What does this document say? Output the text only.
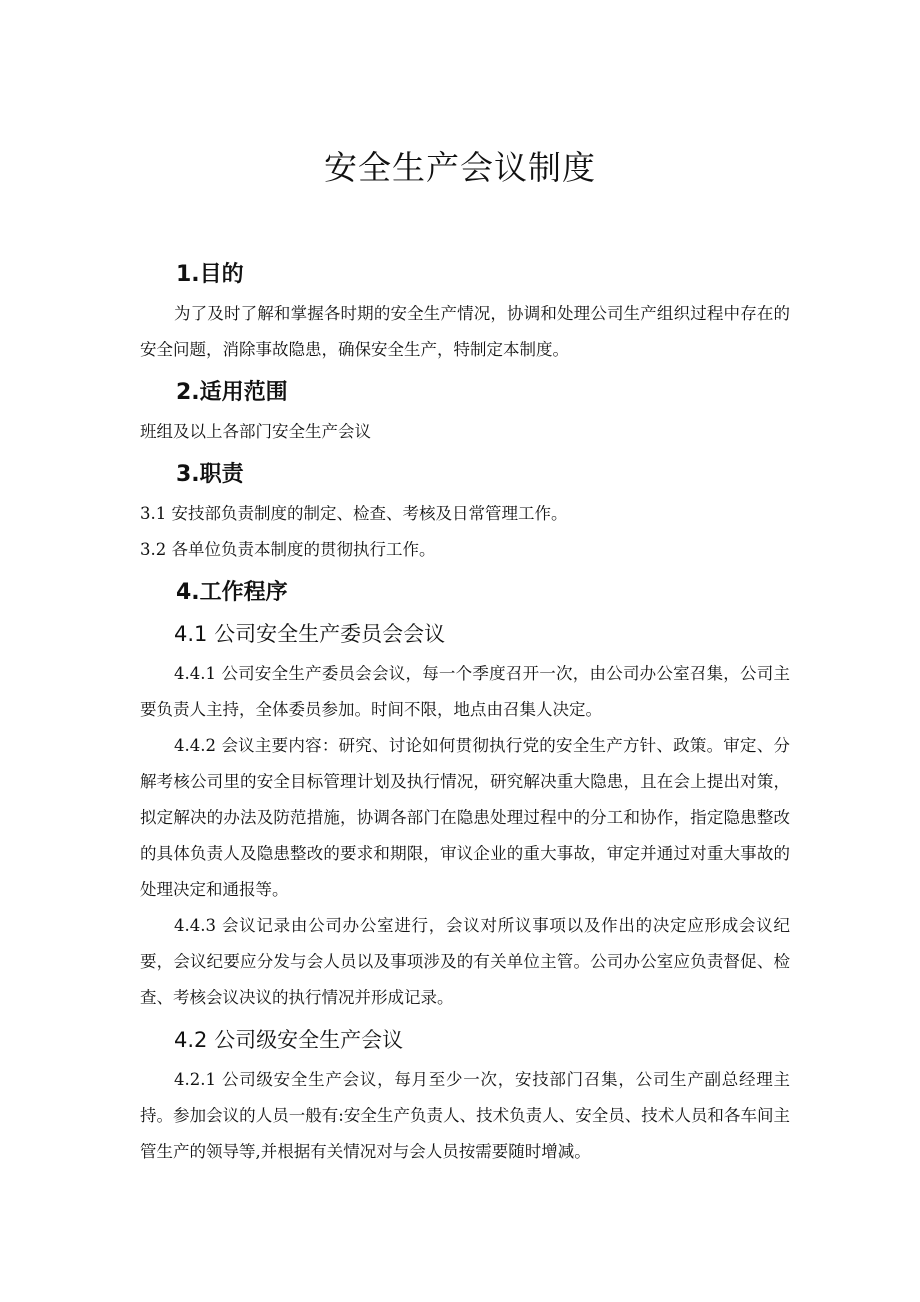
安全生产会议制度
1.目的

为了及时了解和掌握各时期的安全生产情况，协调和处理公司生产组织过程中存在的安全问题，消除事故隐患，确保安全生产，特制定本制度。

2.适用范围

班组及以上各部门安全生产会议

3.职责

3.1 安技部负责制度的制定、检查、考核及日常管理工作。

3.2 各单位负责本制度的贯彻执行工作。

4.工作程序
4.1 公司安全生产委员会会议

4.4.1 公司安全生产委员会会议，每一个季度召开一次，由公司办公室召集，公司主要负责人主持，全体委员参加。时间不限，地点由召集人决定。

4.4.2 会议主要内容：研究、讨论如何贯彻执行党的安全生产方针、政策。审定、分解考核公司里的安全目标管理计划及执行情况，研究解决重大隐患，且在会上提出对策，拟定解决的办法及防范措施，协调各部门在隐患处理过程中的分工和协作，指定隐患整改的具体负责人及隐患整改的要求和期限，审议企业的重大事故，审定并通过对重大事故的处理决定和通报等。

4.4.3 会议记录由公司办公室进行，会议对所议事项以及作出的决定应形成会议纪要，会议纪要应分发与会人员以及事项涉及的有关单位主管。公司办公室应负责督促、检查、考核会议决议的执行情况并形成记录。

4.2 公司级安全生产会议

4.2.1 公司级安全生产会议，每月至少一次，安技部门召集，公司生产副总经理主持。参加会议的人员一般有:安全生产负责人、技术负责人、安全员、技术人员和各车间主管生产的领导等,并根据有关情况对与会人员按需要随时增减。
